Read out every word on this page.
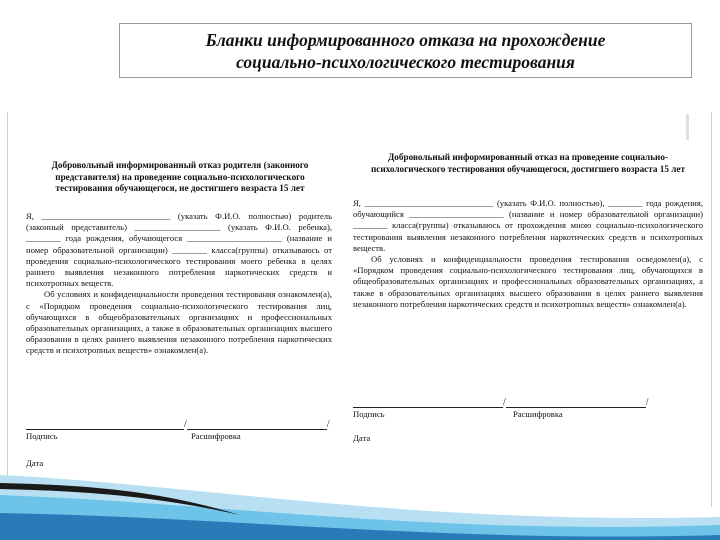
Бланки информированного отказа на прохождение
социально-психологического тестирования
Добровольный информированный отказ родителя (законного представителя) на проведение социально-психологического тестирования обучающегося, не достигшего возраста 15 лет

Я, ______________________________ (указать Ф.И.О. полностью) родитель (законный представитель) ____________________ (указать Ф.И.О. ребенка), ________ года рождения, обучающегося ______________________ (название и номер образовательной организации) ________ класса(группы) отказываюсь от проведения социально-психологического тестирования моего ребенка в целях раннего выявления незаконного потребления наркотических средств и психотропных веществ.

Об условиях и конфиденциальности проведения тестирования ознакомлен(а), с «Порядком проведения социально-психологического тестирования лиц, обучающихся в общеобразовательных организациях и профессиональных образовательных организациях, а также в образовательных организациях высшего образования в целях раннего выявления незаконного потребления наркотических средств и психотропных веществ» ознакомлен(а).

/	/
Подпись	Расшифровка
Дата
Добровольный информированный отказ на проведение социально-психологического тестирования обучающегося, достигшего возраста 15 лет

Я, ______________________________ (указать Ф.И.О. полностью), ________ года рождения, обучающийся ______________________ (название и номер образовательной организации) ________ класса(группы) отказываюсь от прохождения мною социально-психологического тестирования выявления незаконного потребления наркотических средств и психотропных веществ.

Об условиях и конфиденциальности проведения тестирования осведомлен(а), с «Порядком проведения социально-психологического тестирования лиц, обучающихся в общеобразовательных организациях и профессиональных образовательных организациях, а также в образовательных организациях высшего образования в целях раннего выявления незаконного потребления наркотических средств и психотропных веществ» ознакомлен(а).

/	/
Подпись	Расшифровка
Дата
